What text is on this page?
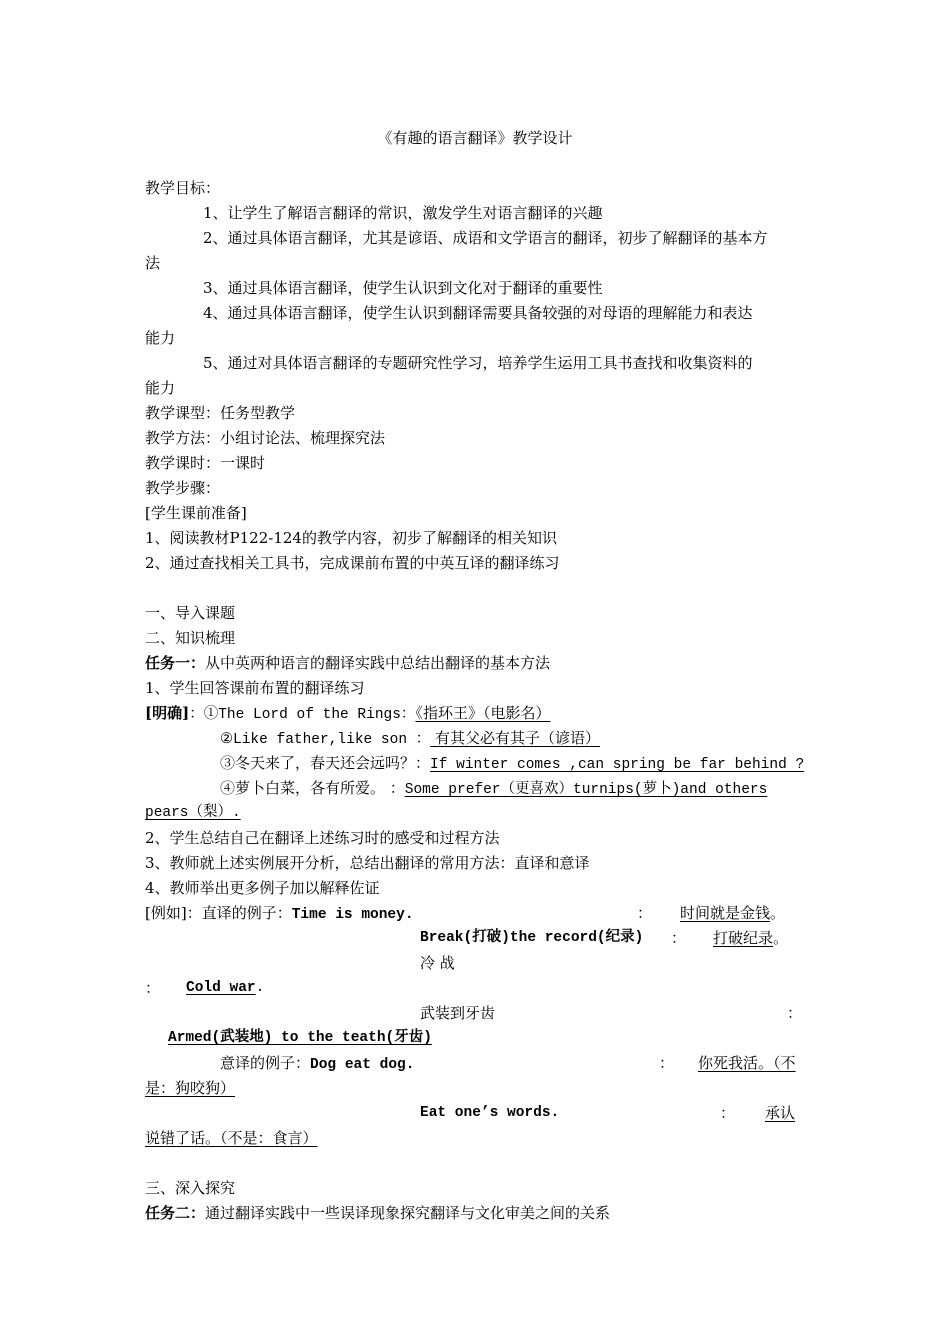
《有趣的语言翻译》教学设计
教学目标：
1、让学生了解语言翻译的常识，激发学生对语言翻译的兴趣
2、通过具体语言翻译，尤其是谚语、成语和文学语言的翻译，初步了解翻译的基本方
法
3、通过具体语言翻译，使学生认识到文化对于翻译的重要性
4、通过具体语言翻译，使学生认识到翻译需要具备较强的对母语的理解能力和表达
能力
5、通过对具体语言翻译的专题研究性学习，培养学生运用工具书查找和收集资料的
能力
教学课型：任务型教学
教学方法：小组讨论法、梳理探究法
教学课时：一课时
教学步骤：
[学生课前准备]
1、阅读教材P122-124的教学内容，初步了解翻译的相关知识
2、通过查找相关工具书，完成课前布置的中英互译的翻译练习
一、导入课题
二、知识梳理
任务一：从中英两种语言的翻译实践中总结出翻译的基本方法
1、学生回答课前布置的翻译练习
[明确]：①The Lord of the Rings：《指环王》（电影名）
②Like father,like son ： 有其父必有其子（谚语）
③冬天来了，春天还会远吗？：If winter comes ,can spring be far behind ?
④萝卜白菜，各有所爱。 ：Some prefer（更喜欢）turnips(萝卜)and others
pears（梨）.
2、学生总结自己在翻译上述练习时的感受和过程方法
3、教师就上述实例展开分析，总结出翻译的常用方法：直译和意译
4、教师举出更多例子加以解释佐证
[例如]：直译的例子：Time is money.	： 时间就是金钱。
Break(打破)the record(纪录) ： 打破纪录。
冷 战
： Cold war.
武装到牙齿	：
Armed(武装地) to the teath(牙齿)
意译的例子：Dog eat dog.	： 你死我活。（不
是：狗咬狗）
Eat one’s words.	： 承认
说错了话。（不是：食言）
三、深入探究
任务二：通过翻译实践中一些误译现象探究翻译与文化审美之间的关系
